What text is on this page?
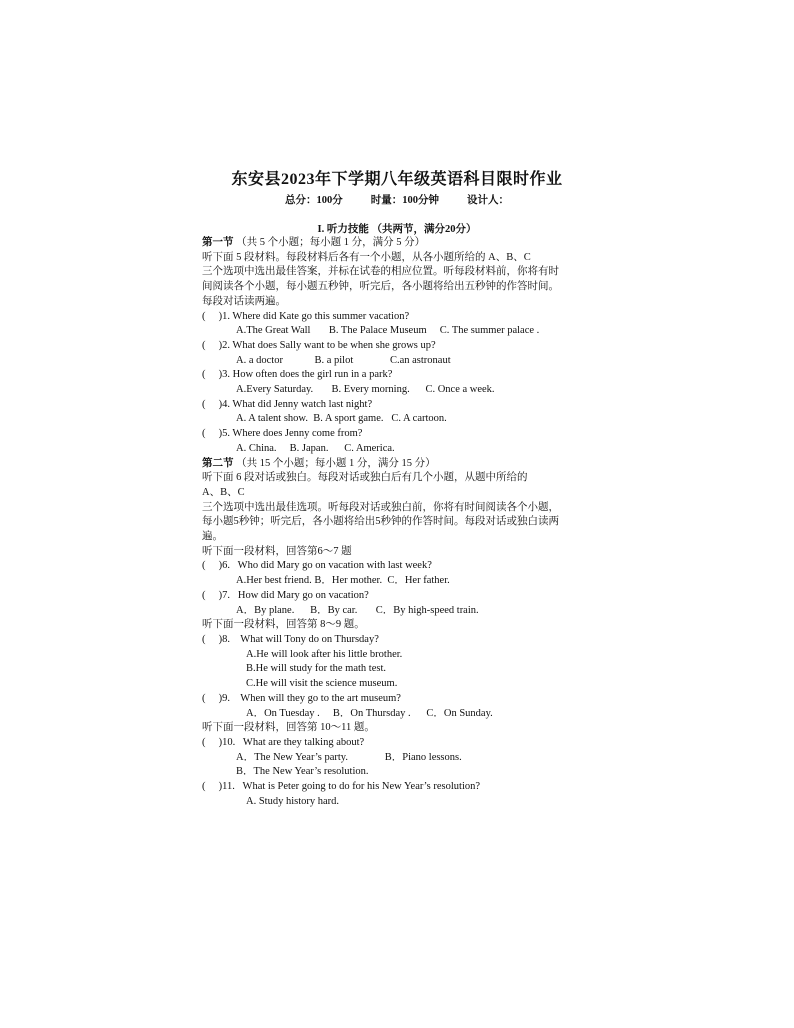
东安县2023年下学期八年级英语科目限时作业
总分：100分	时量：100分钟	设计人：
I. 听力技能 （共两节，满分20分）
第一节 （共 5 个小题；每小题 1 分，满分 5 分）
听下面 5 段材料。每段材料后各有一个小题，从各小题所给的 A、B、C
三个选项中选出最佳答案，并标在试卷的相应位置。听每段材料前，你将有时
间阅读各个小题，每小题五秒钟，听完后，各小题将给出五秒钟的作答时间。
每段对话读两遍。
(     )1. Where did Kate go this summer vacation?
A.The Great Wall       B. The Palace Museum     C. The summer palace .
(     )2. What does Sally want to be when she grows up?
A. a doctor            B. a pilot              C.an astronaut
(     )3. How often does the girl run in a park?
A.Every Saturday.       B. Every morning.      C. Once a week.
(     )4. What did Jenny watch last night?
A. A talent show.  B. A sport game.   C. A cartoon.
(     )5. Where does Jenny come from?
A. China.     B. Japan.      C. America.
第二节 （共 15 个小题；每小题 1 分，满分 15 分）
听下面 6 段对话或独白。每段对话或独白后有几个小题，从题中所给的
A、B、C
三个选项中选出最佳选项。听每段对话或独白前，你将有时间阅读各个小题，
每小题5秒钟；听完后，各小题将给出5秒钟的作答时间。每段对话或独白读两
遍。
听下面一段材料，回答第6～7 题
(     )6.   Who did Mary go on vacation with last week?
A.Her best friend. B．Her mother.  C．Her father.
(     )7.   How did Mary go on vacation?
A．By plane.      B．By car.       C．By high-speed train.
听下面一段材料，回答第 8～9 题。
(     )8.    What will Tony do on Thursday?
A.He will look after his little brother.
B.He will study for the math test.
C.He will visit the science museum.
(     )9.    When will they go to the art museum?
A．On Tuesday .     B．On Thursday .      C．On Sunday.
听下面一段材料，回答第 10～11 题。
(     )10.   What are they talking about?
A．The New Year’s party.              B．Piano lessons.
B．The New Year’s resolution.
(     )11.   What is Peter going to do for his New Year’s resolution?
A. Study history hard.
